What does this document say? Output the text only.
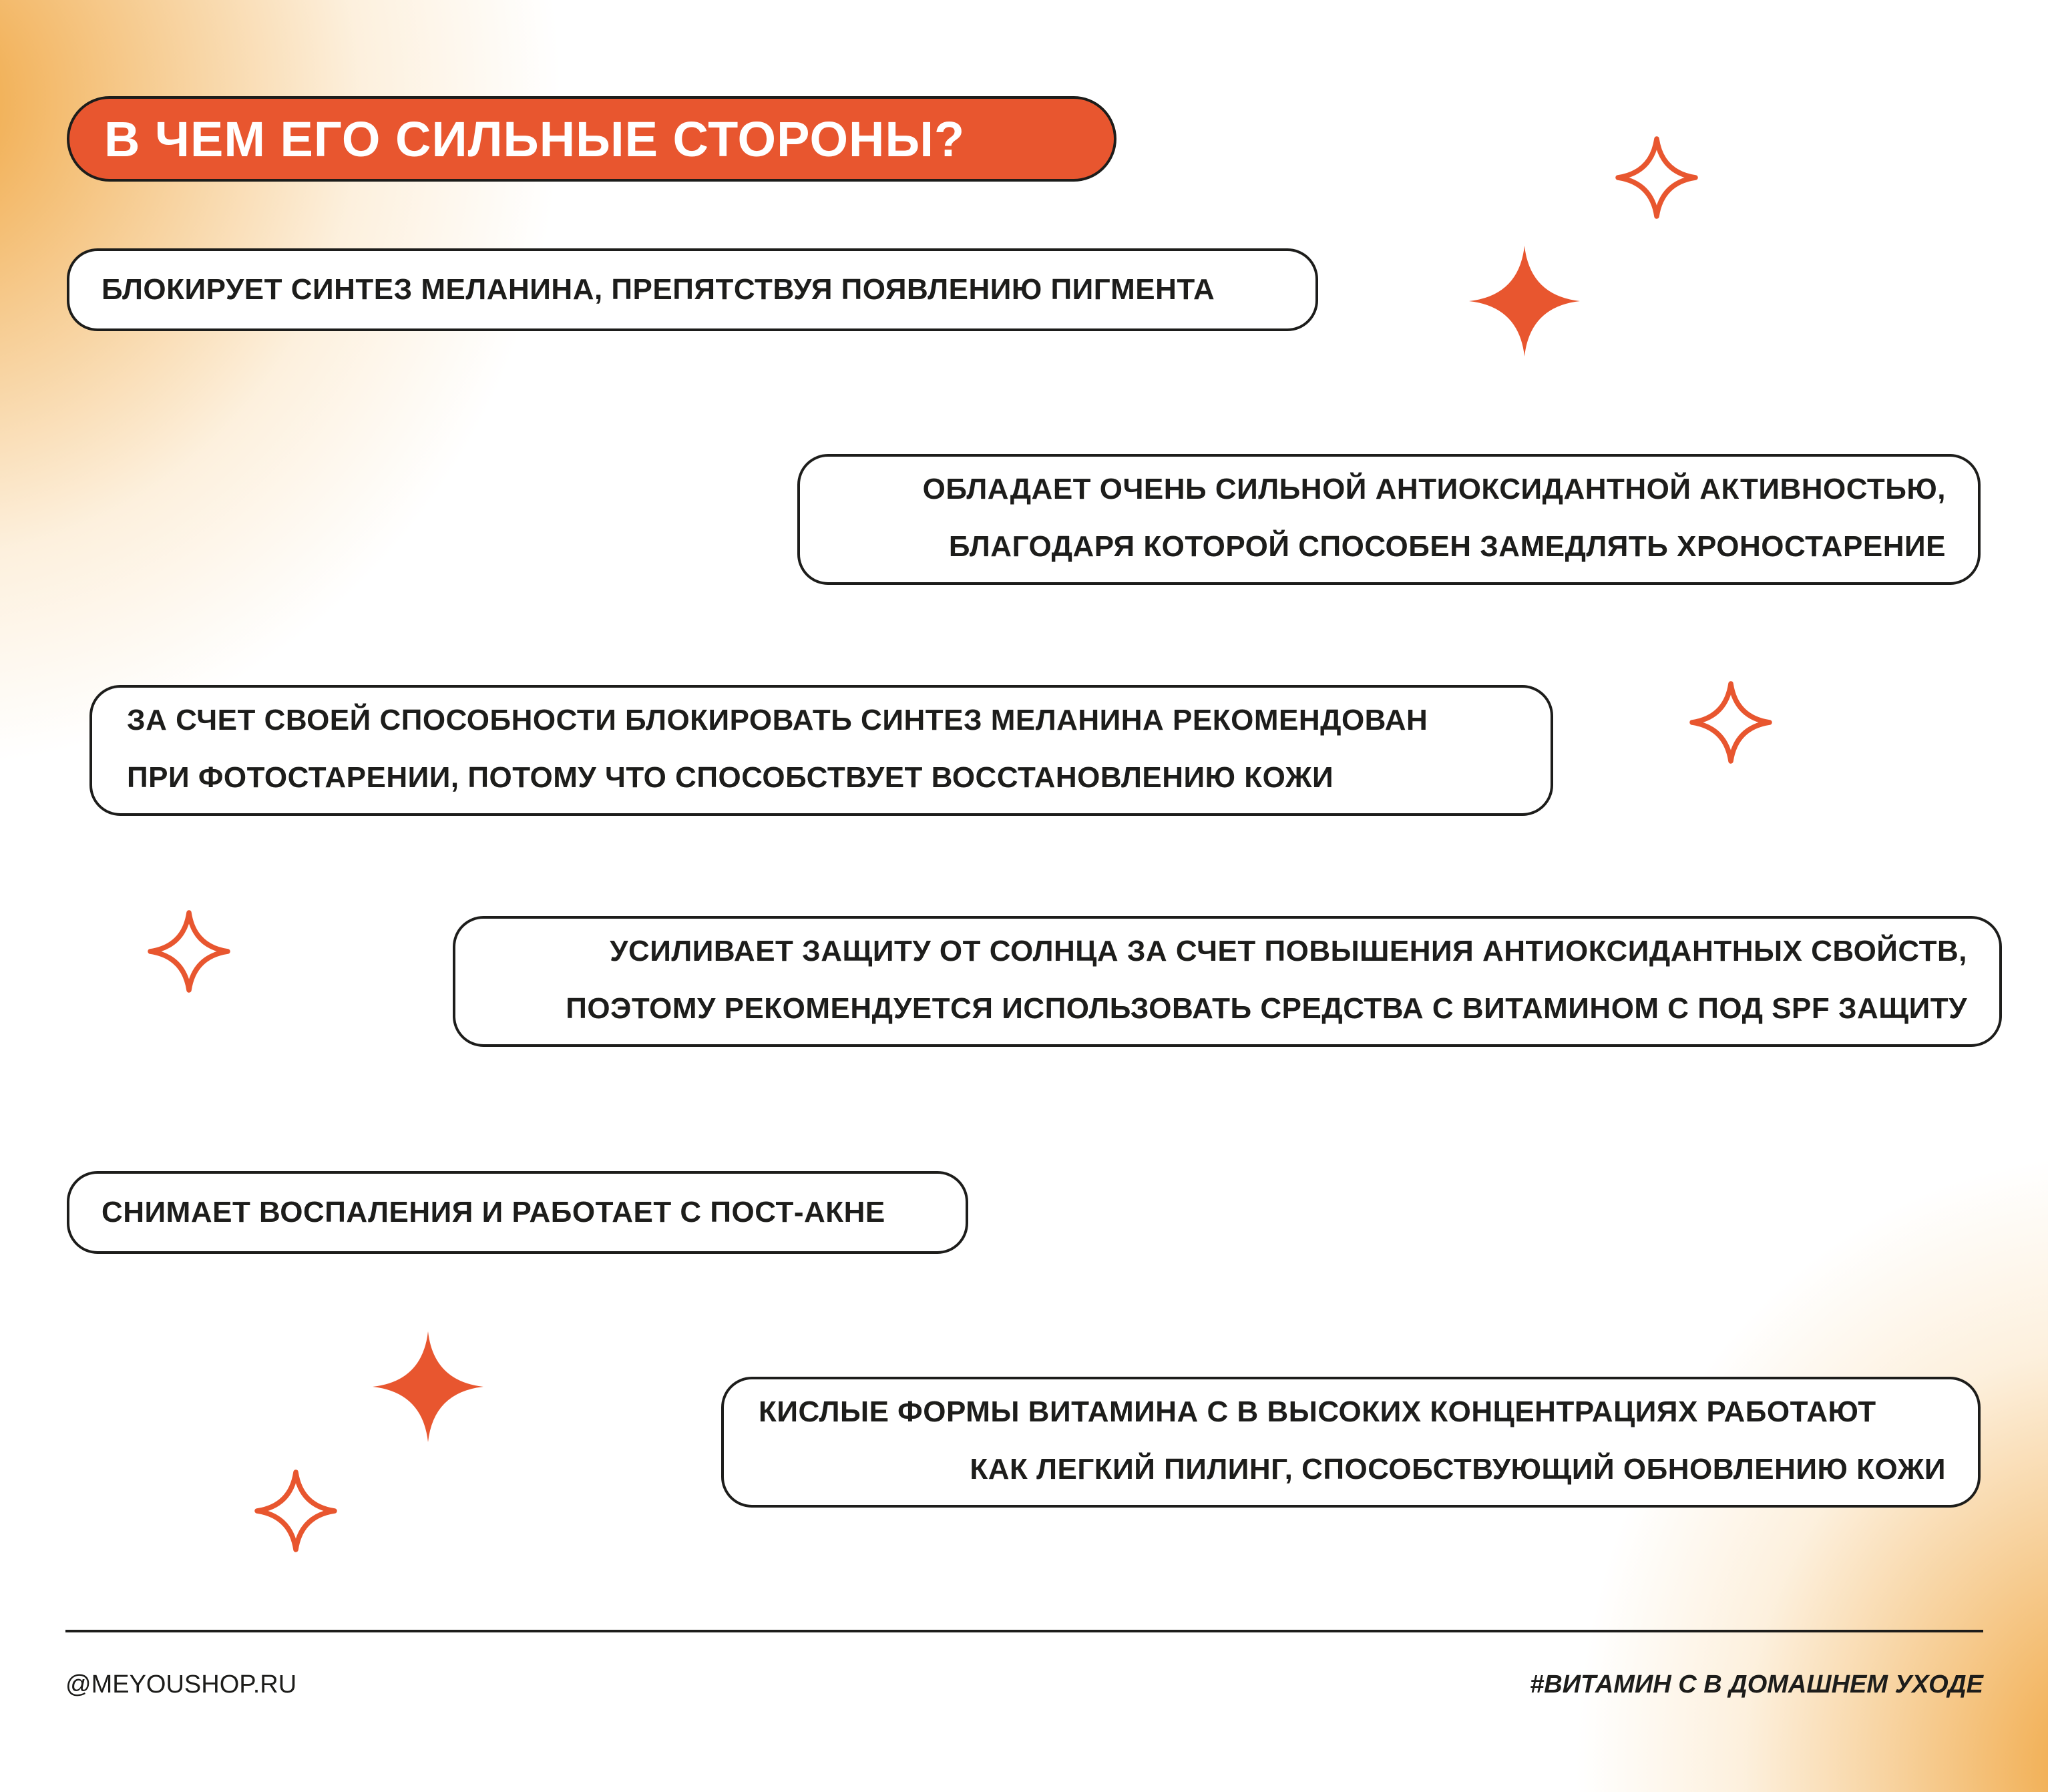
В ЧЕМ ЕГО СИЛЬНЫЕ СТОРОНЫ?
БЛОКИРУЕТ СИНТЕЗ МЕЛАНИНА, ПРЕПЯТСТВУЯ ПОЯВЛЕНИЮ ПИГМЕНТА
ОБЛАДАЕТ ОЧЕНЬ СИЛЬНОЙ АНТИОКСИДАНТНОЙ АКТИВНОСТЬЮ,
БЛАГОДАРЯ КОТОРОЙ СПОСОБЕН ЗАМЕДЛЯТЬ ХРОНОСТАРЕНИЕ
ЗА СЧЕТ СВОЕЙ СПОСОБНОСТИ БЛОКИРОВАТЬ СИНТЕЗ МЕЛАНИНА РЕКОМЕНДОВАН
ПРИ ФОТОСТАРЕНИИ, ПОТОМУ ЧТО СПОСОБСТВУЕТ ВОССТАНОВЛЕНИЮ КОЖИ
УСИЛИВАЕТ ЗАЩИТУ ОТ СОЛНЦА ЗА СЧЕТ ПОВЫШЕНИЯ АНТИОКСИДАНТНЫХ СВОЙСТВ,
ПОЭТОМУ РЕКОМЕНДУЕТСЯ ИСПОЛЬЗОВАТЬ СРЕДСТВА С ВИТАМИНОМ С ПОД SPF ЗАЩИТУ
СНИМАЕТ ВОСПАЛЕНИЯ И РАБОТАЕТ С ПОСТ-АКНЕ
КИСЛЫЕ ФОРМЫ ВИТАМИНА С В ВЫСОКИХ КОНЦЕНТРАЦИЯХ РАБОТАЮТ
КАК ЛЕГКИЙ ПИЛИНГ, СПОСОБСТВУЮЩИЙ ОБНОВЛЕНИЮ КОЖИ
@MEYOUSHOP.RU	#ВИТАМИН С В ДОМАШНЕМ УХОДЕ
